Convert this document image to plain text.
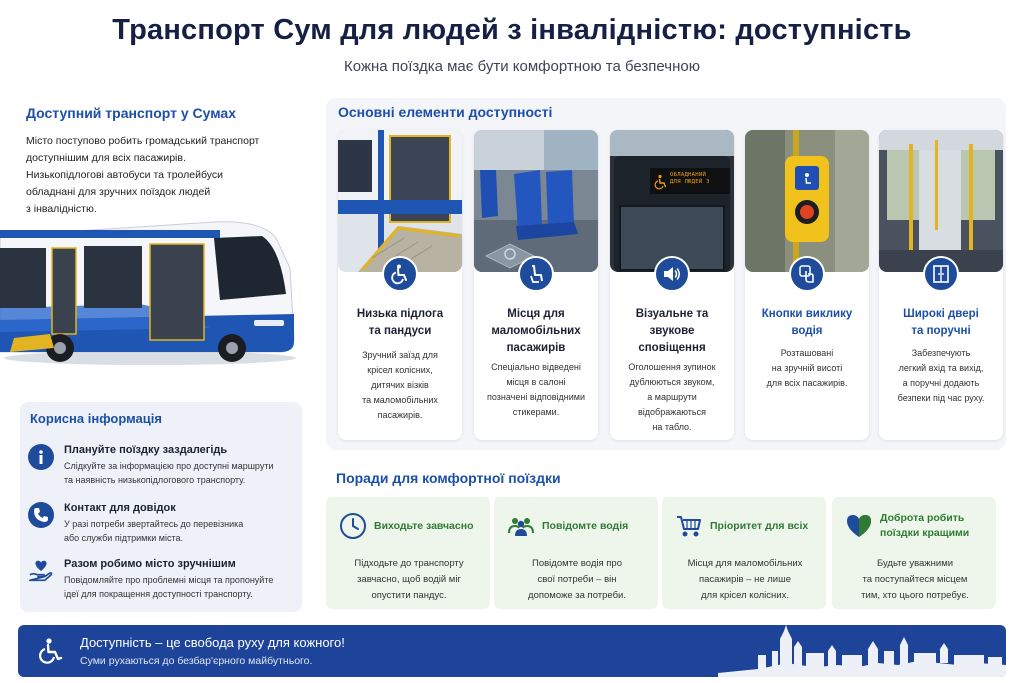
Транспорт Сум для людей з інвалідністю: доступність
Кожна поїздка має бути комфортною та безпечною
Доступний транспорт у Сумах
Місто поступово робить громадський транспорт
доступнішим для всіх пасажирів.
Низькопідлогові автобуси та тролейбуси
обладнані для зручних поїздок людей
з інвалідністю.
Корисна інформація
Плануйте поїздку заздалегідь
Слідкуйте за інформацією про доступні маршрути
та наявність низькопідлогового транспорту.
Контакт для довідок
У разі потреби звертайтесь до перевізника
або служби підтримки міста.
Разом робимо місто зручнішим
Повідомляйте про проблемні місця та пропонуйте
ідеї для покращення доступності транспорту.
Основні елементи доступності
Низька підлога
та пандуси
Зручний заїзд для
крісел колісних,
дитячих візків
та маломобільних
пасажирів.
Місця для
маломобільних
пасажирів
Спеціально відведені
місця в салоні
позначені відповідними
стикерами.
ОБЛАДНАНИЙ
ДЛЯ ЛЮДЕЙ З
Візуальне та
звукове
сповіщення
Оголошення зупинок
дублюються звуком,
а маршрути
відображаються
на табло.
Кнопки виклику
водія
Розташовані
на зручній висоті
для всіх пасажирів.
Широкі двері
та поручні
Забезпечують
легкий вхід та вихід,
а поручні додають
безпеки під час руху.
Поради для комфортної поїздки
Виходьте завчасно
Підходьте до транспорту
завчасно, щоб водій міг
опустити пандус.
Повідомте водія
Повідомте водія про
свої потреби – він
допоможе за потреби.
Пріоритет для всіх
Місця для маломобільних
пасажирів – не лише
для крісел колісних.
Доброта робить поїздки кращими
Будьте уважними
та поступайтеся місцем
тим, хто цього потребує.
Доступність – це свобода руху для кожного!
Суми рухаються до безбар'єрного майбутнього.
